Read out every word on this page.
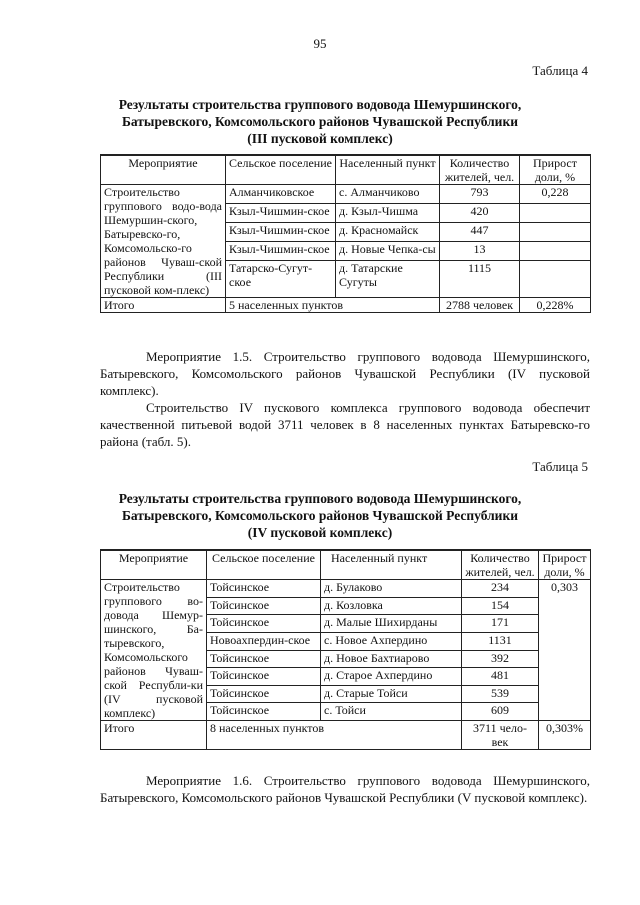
95
Таблица 4
Результаты строительства группового водовода Шемуршинского,
Батыревского, Комсомольского районов Чувашской Республики
(III пусковой комплекс)
Мероприятие	Сельское поселение	Населенный пункт	Количество жителей, чел.	Прирост доли, %
Строительство группового водо-вода Шемуршин-ского, Батыревско-го, Комсомольско-го районов Чуваш-ской Республики (III пусковой ком-плекс)	Алманчиковское	с. Алманчиково	793	0,228
	Кзыл-Чишмин-ское	д. Кзыл-Чишма	420	
	Кзыл-Чишмин-ское	д. Красномайск	447	
	Кзыл-Чишмин-ское	д. Новые Чепка-сы	13	
	Татарско-Сугут-ское	д. Татарские Сугуты	1115	
Итого	5 населенных пунктов		2788 человек	0,228%

Мероприятие 1.5. Строительство группового водовода Шемуршинского, Батыревского, Комсомольского районов Чувашской Республики (IV пусковой комплекс).

Строительство IV пускового комплекса группового водовода обеспечит качественной питьевой водой 3711 человек в 8 населенных пунктах Батыревско-го района (табл. 5).

Таблица 5
Результаты строительства группового водовода Шемуршинского,
Батыревского, Комсомольского районов Чувашской Республики
(IV пусковой комплекс)
Мероприятие	Сельское поселение	Населенный пункт	Количество жителей, чел.	Прирост доли, %
Строительство группового во-довода Шемур-шинского, Ба-тыревского, Комсомольского районов Чуваш-ской Республи-ки (IV пусковой комплекс)	Тойсинское	д. Булаково	234	0,303
	Тойсинское	д. Козловка	154	
	Тойсинское	д. Малые Шихирданы	171	
	Новоахпердин-ское	с. Новое Ахпердино	1131	
	Тойсинское	д. Новое Бахтиарово	392	
	Тойсинское	д. Старое Ахпердино	481	
	Тойсинское	д. Старые Тойси	539	
	Тойсинское	с. Тойси	609	
Итого	8 населенных пунктов		3711 чело-век	0,303%

Мероприятие 1.6. Строительство группового водовода Шемуршинского, Батыревского, Комсомольского районов Чувашской Республики (V пусковой комплекс).
